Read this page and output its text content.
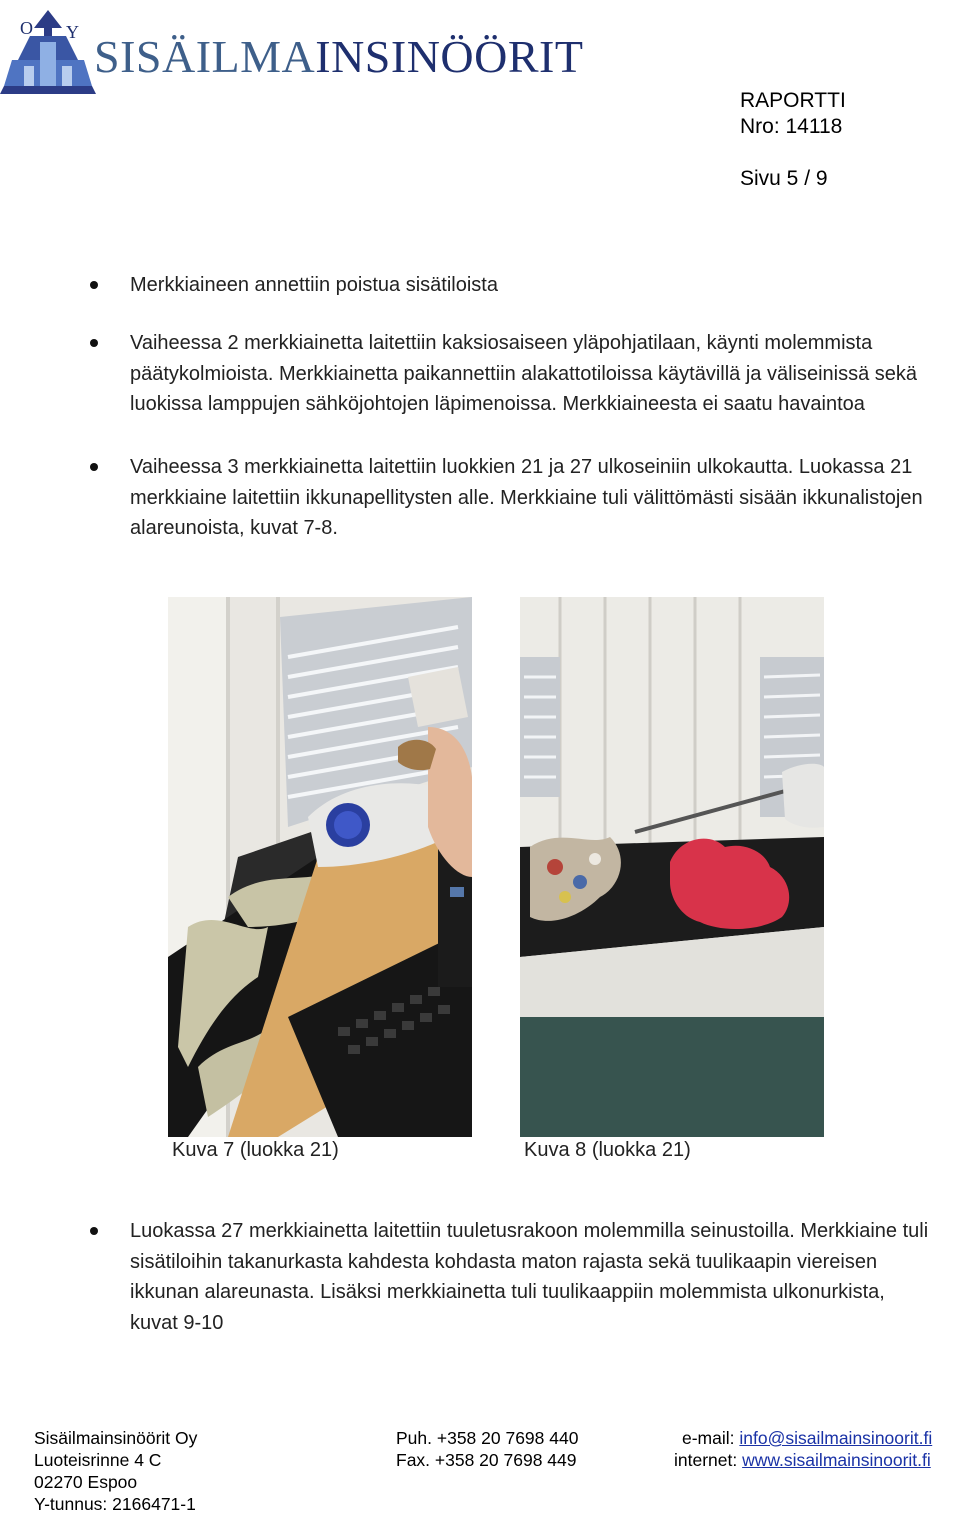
O Y SISÄILMAINSINÖÖRIT
RAPORTTI
Nro: 14118
Sivu 5 / 9
Merkkiaineen annettiin poistua sisätiloista
Vaiheessa 2 merkkiainetta laitettiin kaksiosaiseen yläpohjatilaan, käynti molemmista päätykolmioista. Merkkiainetta paikannettiin alakattotiloissa käytävillä ja väliseinissä sekä luokissa lamppujen sähköjohtojen läpimenoissa. Merkkiaineesta ei saatu havaintoa
Vaiheessa 3 merkkiainetta laitettiin luokkien 21 ja 27 ulkoseiniin ulkokautta. Luokassa 21 merkkiaine laitettiin ikkunapellitysten alle. Merkkiaine tuli välittömästi sisään ikkunalistojen alareunoista, kuvat 7-8.
Kuva 7 (luokka 21)	Kuva 8 (luokka 21)
Luokassa 27 merkkiainetta laitettiin tuuletusrakoon molemmilla seinustoilla. Merkkiaine tuli sisätiloihin takanurkasta kahdesta kohdasta maton rajasta sekä tuulikaapin viereisen ikkunan alareunasta. Lisäksi merkkiainetta tuli tuulikaappiin molemmista ulkonurkista, kuvat 9-10
Sisäilmainsinöörit Oy
Luoteisrinne 4 C
02270 Espoo
Y-tunnus: 2166471-1
Puh. +358 20 7698 440
Fax. +358 20 7698 449
e-mail: info@sisailmainsinoorit.fi
internet: www.sisailmainsinoorit.fi
